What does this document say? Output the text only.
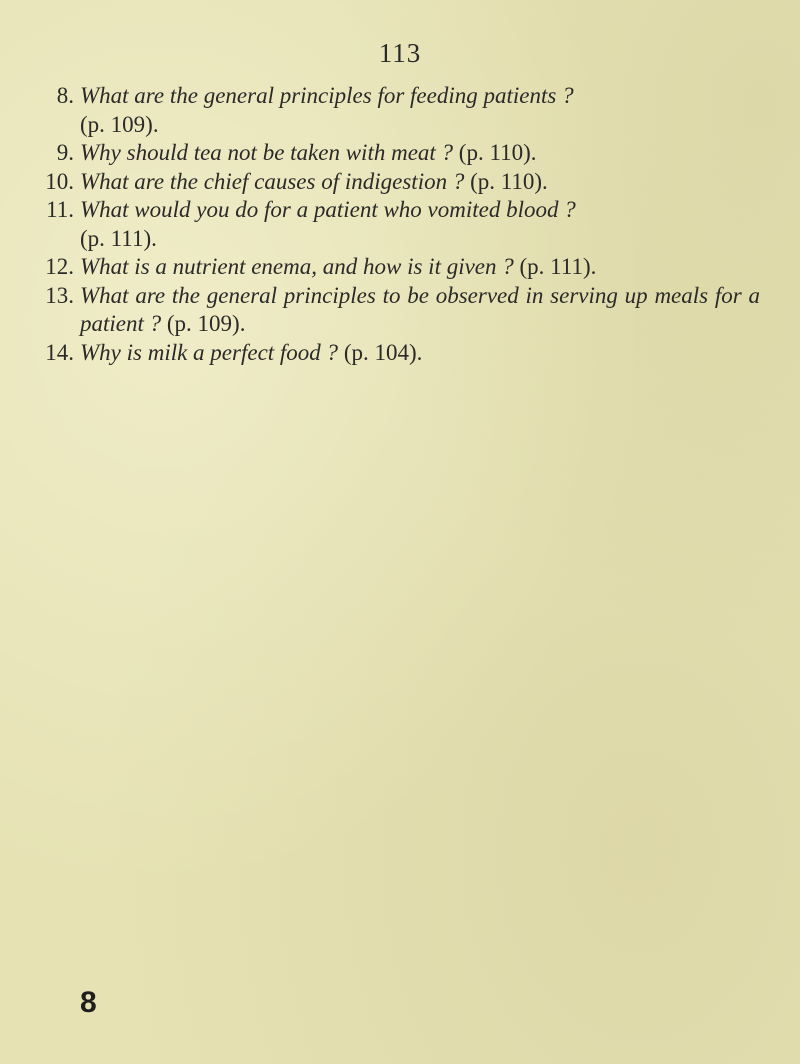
113
8. What are the general principles for feeding patients ?
(p. 109).
9. Why should tea not be taken with meat ? (p. 110).
10. What are the chief causes of indigestion ? (p. 110).
11. What would you do for a patient who vomited blood ?
(p. 111).
12. What is a nutrient enema, and how is it given ? (p. 111).
13. What are the general principles to be observed in serving up meals for a patient ? (p. 109).
14. Why is milk a perfect food ? (p. 104).
8
